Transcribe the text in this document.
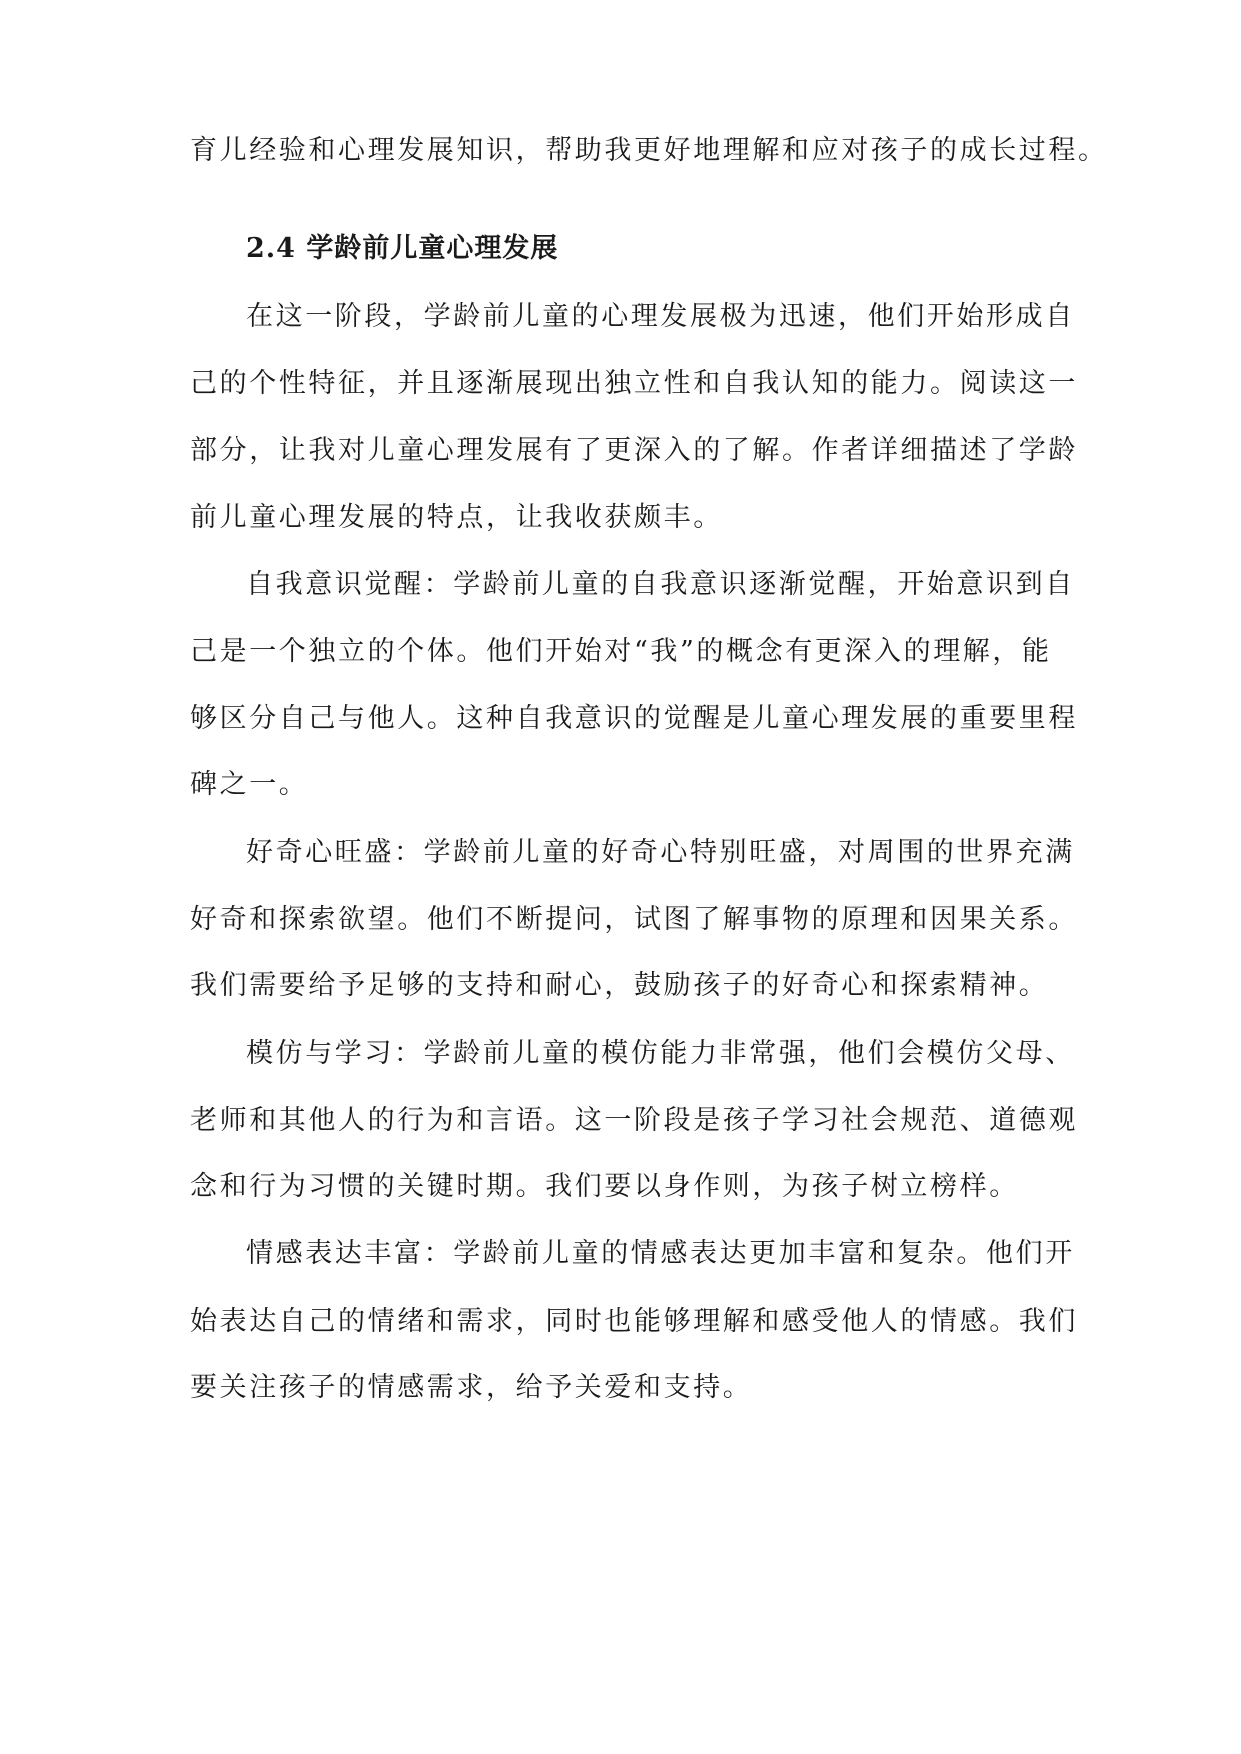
育儿经验和心理发展知识，帮助我更好地理解和应对孩子的成长过程。
2.4 学龄前儿童心理发展
在这一阶段，学龄前儿童的心理发展极为迅速，他们开始形成自
己的个性特征，并且逐渐展现出独立性和自我认知的能力。阅读这一
部分，让我对儿童心理发展有了更深入的了解。作者详细描述了学龄
前儿童心理发展的特点，让我收获颇丰。
自我意识觉醒：学龄前儿童的自我意识逐渐觉醒，开始意识到自
己是一个独立的个体。他们开始对“我”的概念有更深入的理解，能
够区分自己与他人。这种自我意识的觉醒是儿童心理发展的重要里程
碑之一。
好奇心旺盛：学龄前儿童的好奇心特别旺盛，对周围的世界充满
好奇和探索欲望。他们不断提问，试图了解事物的原理和因果关系。
我们需要给予足够的支持和耐心，鼓励孩子的好奇心和探索精神。
模仿与学习：学龄前儿童的模仿能力非常强，他们会模仿父母、
老师和其他人的行为和言语。这一阶段是孩子学习社会规范、道德观
念和行为习惯的关键时期。我们要以身作则，为孩子树立榜样。
情感表达丰富：学龄前儿童的情感表达更加丰富和复杂。他们开
始表达自己的情绪和需求，同时也能够理解和感受他人的情感。我们
要关注孩子的情感需求，给予关爱和支持。
